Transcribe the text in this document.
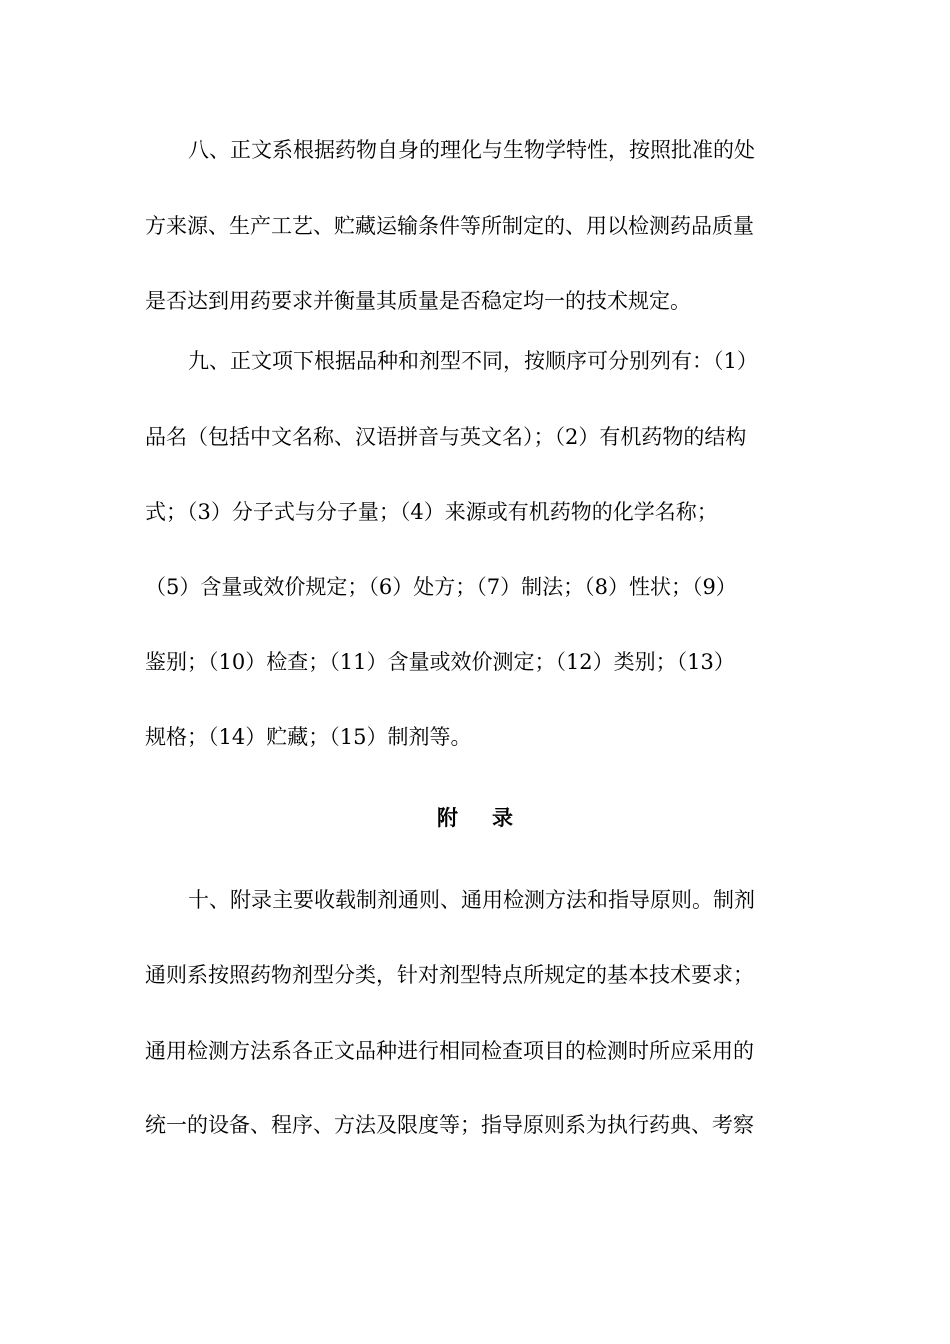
八、正文系根据药物自身的理化与生物学特性，按照批准的处
方来源、生产工艺、贮藏运输条件等所制定的、用以检测药品质量
是否达到用药要求并衡量其质量是否稳定均一的技术规定。
九、正文项下根据品种和剂型不同，按顺序可分别列有：（1）
品名（包括中文名称、汉语拼音与英文名）；（2）有机药物的结构
式；（3）分子式与分子量；（4）来源或有机药物的化学名称；
（5）含量或效价规定；（6）处方；（7）制法；（8）性状；（9）
鉴别；（10）检查；（11）含量或效价测定；（12）类别；（13）
规格；（14）贮藏；（15）制剂等。
附录
十、附录主要收载制剂通则、通用检测方法和指导原则。制剂
通则系按照药物剂型分类，针对剂型特点所规定的基本技术要求；
通用检测方法系各正文品种进行相同检查项目的检测时所应采用的
统一的设备、程序、方法及限度等；指导原则系为执行药典、考察
